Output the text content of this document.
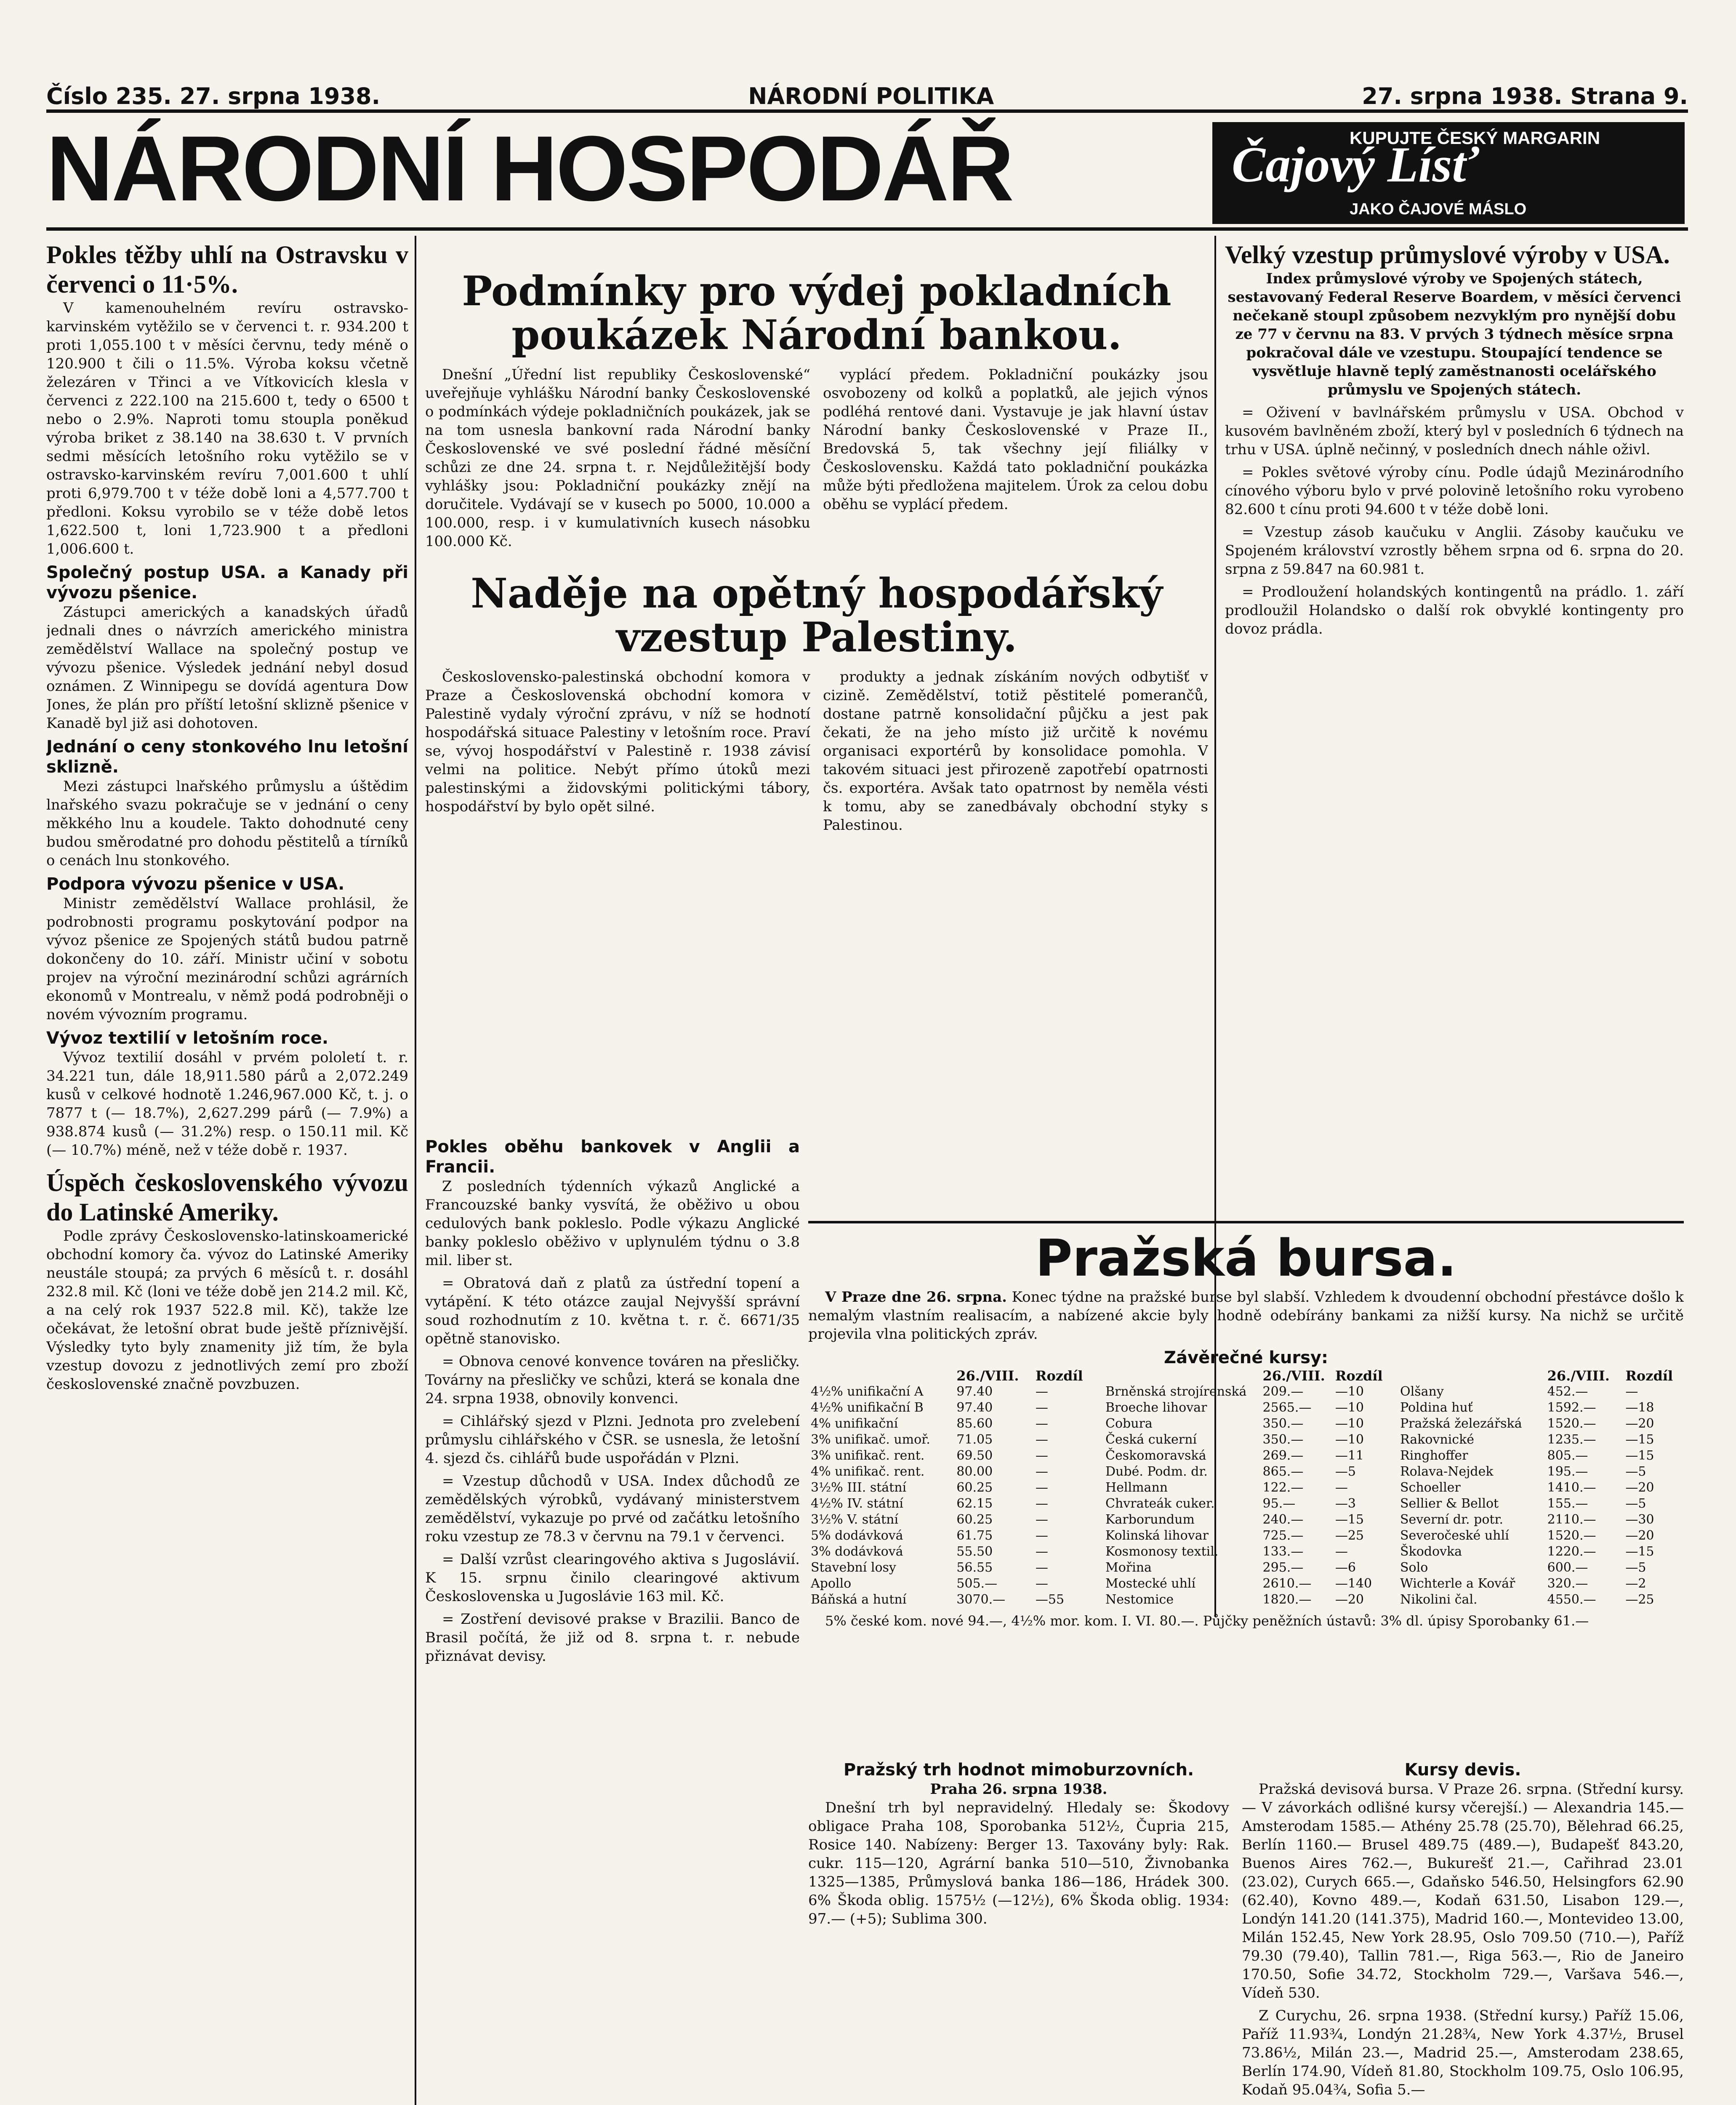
Číslo 235. 27. srpna 1938.	NÁRODNÍ POLITIKA	27. srpna 1938. Strana 9.
NÁRODNÍ HOSPODÁŘ	KUPUJTE ČESKÝ MARGARIN
Čajový Lísť
JAKO ČAJOVÉ MÁSLO
Pokles těžby uhlí na Ostravsku v červenci o 11·5%.

V kamenouhelném revíru ostravsko-karvinském vytěžilo se v červenci t. r. 934.200 t proti 1,055.100 t v měsíci červnu, tedy méně o 120.900 t čili o 11.5%. Výroba koksu včetně železáren v Třinci a ve Vítkovicích klesla v červenci z 222.100 na 215.600 t, tedy o 6500 t nebo o 2.9%. Naproti tomu stoupla poněkud výroba briket z 38.140 na 38.630 t. V prvních sedmi měsících letošního roku vytěžilo se v ostravsko-karvinském revíru 7,001.600 t uhlí proti 6,979.700 t v téže době loni a 4,577.700 t předloni. Koksu vyrobilo se v téže době letos 1,622.500 t, loni 1,723.900 t a předloni 1,006.600 t.

Společný postup USA. a Kanady při vývozu pšenice.

Zástupci amerických a kanadských úřadů jednali dnes o návrzích amerického ministra zemědělství Wallace na společný postup ve vývozu pšenice. Výsledek jednání nebyl dosud oznámen. Z Winnipegu se dovídá agentura Dow Jones, že plán pro příští letošní sklizně pšenice v Kanadě byl již asi dohotoven.

Jednání o ceny stonkového lnu letošní sklizně.

Mezi zástupci lnařského průmyslu a úštědim lnařského svazu pokračuje se v jednání o ceny měkkého lnu a koudele. Takto dohodnuté ceny budou směrodatné pro dohodu pěstitelů a tírníků o cenách lnu stonkového.

Podpora vývozu pšenice v USA.

Ministr zemědělství Wallace prohlásil, že podrobnosti programu poskytování podpor na vývoz pšenice ze Spojených států budou patrně dokončeny do 10. září. Ministr učiní v sobotu projev na výroční mezinárodní schůzi agrárních ekonomů v Montrealu, v němž podá podrobněji o novém vývozním programu.

Vývoz textilií v letošním roce.

Vývoz textilií dosáhl v prvém pololetí t. r. 34.221 tun, dále 18,911.580 párů a 2,072.249 kusů v celkové hodnotě 1.246,967.000 Kč, t. j. o 7877 t (— 18.7%), 2,627.299 párů (— 7.9%) a 938.874 kusů (— 31.2%) resp. o 150.11 mil. Kč (— 10.7%) méně, než v téže době r. 1937.

Úspěch československého vývozu do Latinské Ameriky.

Podle zprávy Československo-latinskoamerické obchodní komory ča. vývoz do Latinské Ameriky neustále stoupá; za prvých 6 měsíců t. r. dosáhl 232.8 mil. Kč (loni ve téže době jen 214.2 mil. Kč, a na celý rok 1937 522.8 mil. Kč), takže lze očekávat, že letošní obrat bude ještě příznivější. Výsledky tyto byly znamenity již tím, že byla vzestup dovozu z jednotlivých zemí pro zboží československé značně povzbuzen.

Podmínky pro výdej pokladních poukázek Národní bankou.

Dnešní „Úřední list republiky Československé“ uveřejňuje vyhlášku Národní banky Československé o podmínkách výdeje pokladničních poukázek, jak se na tom usnesla bankovní rada Národní banky Československé ve své poslední řádné měsíční schůzi ze dne 24. srpna t. r. Nejdůležitější body vyhlášky jsou: Pokladniční poukázky znějí na doručitele. Vydávají se v kusech po 5000, 10.000 a 100.000, resp. i v kumulativních kusech násobku 100.000 Kč.

vyplácí předem. Pokladniční poukázky jsou osvobozeny od kolků a poplatků, ale jejich výnos podléhá rentové dani. Vystavuje je jak hlavní ústav Národní banky Československé v Praze II., Bredovská 5, tak všechny její filiálky v Československu. Každá tato pokladniční poukázka může býti předložena majitelem. Úrok za celou dobu oběhu se vyplácí předem.

Naděje na opětný hospodářský vzestup Palestiny.

Československo-palestinská obchodní komora v Praze a Československá obchodní komora v Palestině vydaly výroční zprávu, v níž se hodnotí hospodářská situace Palestiny v letošním roce. Praví se, vývoj hospodářství v Palestině r. 1938 závisí velmi na politice. Nebýt přímo útoků mezi palestinskými a židovskými politickými tábory, hospodářství by bylo opět silné.

produkty a jednak získáním nových odbytišť v cizině. Zemědělství, totiž pěstitelé pomerančů, dostane patrně konsolidační půjčku a jest pak čekati, že na jeho místo již určitě k novému organisaci exportérů by konsolidace pomohla. V takovém situaci jest přirozeně zapotřebí opatrnosti čs. exportéra. Avšak tato opatrnost by neměla vésti k tomu, aby se zanedbávaly obchodní styky s Palestinou.

Pokles oběhu bankovek v Anglii a Francii.

Z posledních týdenních výkazů Anglické a Francouzské banky vysvítá, že oběživo u obou cedulových bank pokleslo. Podle výkazu Anglické banky pokleslo oběživo v uplynulém týdnu o 3.8 mil. liber st.

= Obratová daň z platů za ústřední topení a vytápění. K této otázce zaujal Nejvyšší správní soud rozhodnutím z 10. května t. r. č. 6671/35 opětně stanovisko.

= Obnova cenové konvence továren na přesličky. Továrny na přesličky ve schůzi, která se konala dne 24. srpna 1938, obnovily konvenci.

= Cihlářský sjezd v Plzni. Jednota pro zvelebení průmyslu cihlářského v ČSR. se usnesla, že letošní 4. sjezd čs. cihlářů bude uspořádán v Plzni.

= Vzestup důchodů v USA. Index důchodů ze zemědělských výrobků, vydávaný ministerstvem zemědělství, vykazuje po prvé od začátku letošního roku vzestup ze 78.3 v červnu na 79.1 v červenci.

= Další vzrůst clearingového aktiva s Jugoslávií. K 15. srpnu činilo clearingové aktivum Československa u Jugoslávie 163 mil. Kč.

= Zostření devisové prakse v Brazilii. Banco de Brasil počítá, že již od 8. srpna t. r. nebude přiznávat devisy.

Velký vzestup průmyslové výroby v USA.

Index průmyslové výroby ve Spojených státech, sestavovaný Federal Reserve Boardem, v měsíci červenci nečekaně stoupl způsobem nezvyklým pro nynější dobu ze 77 v červnu na 83. V prvých 3 týdnech měsíce srpna pokračoval dále ve vzestupu. Stoupající tendence se vysvětluje hlavně teplý zaměstnanosti ocelářského průmyslu ve Spojených státech.

= Oživení v bavlnářském průmyslu v USA. Obchod v kusovém bavlněném zboží, který byl v posledních 6 týdnech na trhu v USA. úplně nečinný, v posledních dnech náhle oživl.

= Pokles světové výroby cínu. Podle údajů Mezinárodního cínového výboru bylo v prvé polovině letošního roku vyrobeno 82.600 t cínu proti 94.600 t v téže době loni.

= Vzestup zásob kaučuku v Anglii. Zásoby kaučuku ve Spojeném království vzrostly během srpna od 6. srpna do 20. srpna z 59.847 na 60.981 t.

= Prodloužení holandských kontingentů na prádlo. 1. září prodloužil Holandsko o další rok obvyklé kontingenty pro dovoz prádla.

Pražská bursa.

V Praze dne 26. srpna. Konec týdne na pražské burse byl slabší. Vzhledem k dvoudenní obchodní přestávce došlo k nemalým vlastním realisacím, a nabízené akcie byly hodně odebírány bankami za nižší kursy. Na nichž se určitě projevila vlna politických zpráv.

Závěrečné kursy:
	26./VIII.	Rozdíl
4½% unifikační A	97.40	—
4½% unifikační B	97.40	—
4% unifikační	85.60	—
3% unifikač. umoř.	71.05	—
3% unifikač. rent.	69.50	—
4% unifikač. rent.	80.00	—
3½% III. státní	60.25	—
4½% IV. státní	62.15	—
3½% V. státní	60.25	—
5% dodávková	61.75	—
3% dodávková	55.50	—
Stavební losy	56.55	—
Apollo	505.—	—
Báňská a hutní	3070.—	—55
	26./VIII.	Rozdíl
Brněnská strojírenská	209.—	—10
Broeche lihovar	2565.—	—10
Cobura	350.—	—10
Česká cukerní	350.—	—10
Českomoravská	269.—	—11
Dubé. Podm. dr.	865.—	—5
Hellmann	122.—	—
Chvrateák cuker.	95.—	—3
Karborundum	240.—	—15
Kolinská lihovar	725.—	—25
Kosmonosy textil.	133.—	—
Mořina	295.—	—6
Mostecké uhlí	2610.—	—140
Nestomice	1820.—	—20
	26./VIII.	Rozdíl
Olšany	452.—	—
Poldina huť	1592.—	—18
Pražská železářská	1520.—	—20
Rakovnické	1235.—	—15
Ringhoffer	805.—	—15
Rolava-Nejdek	195.—	—5
Schoeller	1410.—	—20
Sellier & Bellot	155.—	—5
Severní dr. potr.	2110.—	—30
Severočeské uhlí	1520.—	—20
Škodovka	1220.—	—15
Solo	600.—	—5
Wichterle a Kovář	320.—	—2
Nikolini čal.	4550.—	—25

5% české kom. nové 94.—, 4½% mor. kom. I. VI. 80.—. Půjčky peněžních ústavů: 3% dl. úpisy Sporobanky 61.—

Pražský trh hodnot mimoburzovních.
Praha 26. srpna 1938.

Dnešní trh byl nepravidelný. Hledaly se: Škodovy obligace Praha 108, Sporobanka 512½, Čupria 215, Rosice 140. Nabízeny: Berger 13. Taxovány byly: Rak. cukr. 115—120, Agrární banka 510—510, Živnobanka 1325—1385, Průmyslová banka 186—186, Hrádek 300. 6% Škoda oblig. 1575½ (—12½), 6% Škoda oblig. 1934: 97.— (+5); Sublima 300.

Kursy devis.

Pražská devisová bursa. V Praze 26. srpna. (Střední kursy. — V závorkách odlišné kursy včerejší.) — Alexandria 145.— Amsterodam 1585.— Athény 25.78 (25.70), Bělehrad 66.25, Berlín 1160.— Brusel 489.75 (489.—), Budapešť 843.20, Buenos Aires 762.—, Bukurešť 21.—, Cařihrad 23.01 (23.02), Curych 665.—, Gdaňsko 546.50, Helsingfors 62.90 (62.40), Kovno 489.—, Kodaň 631.50, Lisabon 129.—, Londýn 141.20 (141.375), Madrid 160.—, Montevideo 13.00, Milán 152.45, New York 28.95, Oslo 709.50 (710.—), Paříž 79.30 (79.40), Tallin 781.—, Riga 563.—, Rio de Janeiro 170.50, Sofie 34.72, Stockholm 729.—, Varšava 546.—, Vídeň 530.

Z Curychu, 26. srpna 1938. (Střední kursy.) Paříž 15.06, Paříž 11.93¾, Londýn 21.28¾, New York 4.37½, Brusel 73.86½, Milán 23.—, Madrid 25.—, Amsterodam 238.65, Berlín 174.90, Vídeň 81.80, Stockholm 109.75, Oslo 106.95, Kodaň 95.04¾, Sofia 5.—
